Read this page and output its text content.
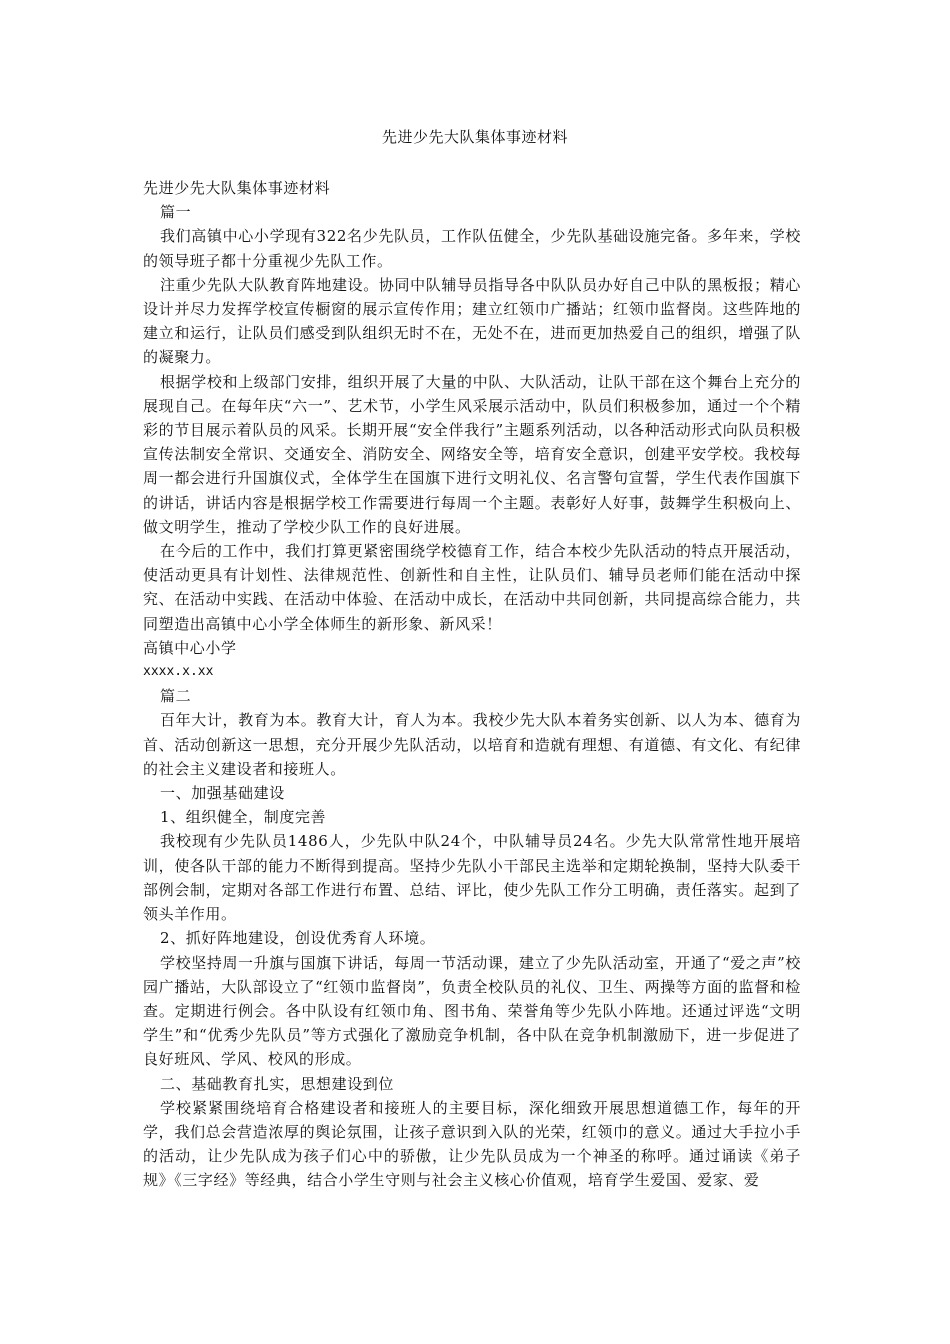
先进少先大队集体事迹材料

先进少先大队集体事迹材料

篇一

我们高镇中心小学现有322名少先队员，工作队伍健全，少先队基础设施完备。多年来，学校的领导班子都十分重视少先队工作。

注重少先队大队教育阵地建设。协同中队辅导员指导各中队队员办好自己中队的黑板报；精心设计并尽力发挥学校宣传橱窗的展示宣传作用；建立红领巾广播站；红领巾监督岗。这些阵地的建立和运行，让队员们感受到队组织无时不在，无处不在，进而更加热爱自己的组织，增强了队的凝聚力。

根据学校和上级部门安排，组织开展了大量的中队、大队活动，让队干部在这个舞台上充分的展现自己。在每年庆“六一”、艺术节，小学生风采展示活动中，队员们积极参加，通过一个个精彩的节目展示着队员的风采。长期开展“安全伴我行”主题系列活动，以各种活动形式向队员积极宣传法制安全常识、交通安全、消防安全、网络安全等，培育安全意识，创建平安学校。我校每周一都会进行升国旗仪式，全体学生在国旗下进行文明礼仪、名言警句宣誓，学生代表作国旗下的讲话，讲话内容是根据学校工作需要进行每周一个主题。表彰好人好事，鼓舞学生积极向上、做文明学生，推动了学校少队工作的良好进展。

在今后的工作中，我们打算更紧密围绕学校德育工作，结合本校少先队活动的特点开展活动，使活动更具有计划性、法律规范性、创新性和自主性，让队员们、辅导员老师们能在活动中探究、在活动中实践、在活动中体验、在活动中成长，在活动中共同创新，共同提高综合能力，共同塑造出高镇中心小学全体师生的新形象、新风采！

高镇中心小学

xxxx.x.xx

篇二

百年大计，教育为本。教育大计，育人为本。我校少先大队本着务实创新、以人为本、德育为首、活动创新这一思想，充分开展少先队活动，以培育和造就有理想、有道德、有文化、有纪律的社会主义建设者和接班人。

一、加强基础建设

1、组织健全，制度完善

我校现有少先队员1486人，少先队中队24个，中队辅导员24名。少先大队常常性地开展培训，使各队干部的能力不断得到提高。坚持少先队小干部民主选举和定期轮换制，坚持大队委干部例会制，定期对各部工作进行布置、总结、评比，使少先队工作分工明确，责任落实。起到了领头羊作用。

2、抓好阵地建设，创设优秀育人环境。

学校坚持周一升旗与国旗下讲话，每周一节活动课，建立了少先队活动室，开通了“爱之声”校园广播站，大队部设立了“红领巾监督岗”，负责全校队员的礼仪、卫生、两操等方面的监督和检查。定期进行例会。各中队设有红领巾角、图书角、荣誉角等少先队小阵地。还通过评选“文明学生”和“优秀少先队员”等方式强化了激励竞争机制，各中队在竞争机制激励下，进一步促进了良好班风、学风、校风的形成。

二、基础教育扎实，思想建设到位

学校紧紧围绕培育合格建设者和接班人的主要目标，深化细致开展思想道德工作，每年的开学，我们总会营造浓厚的舆论氛围，让孩子意识到入队的光荣，红领巾的意义。通过大手拉小手的活动，让少先队成为孩子们心中的骄傲，让少先队员成为一个神圣的称呼。通过诵读《弟子规》《三字经》等经典，结合小学生守则与社会主义核心价值观，培育学生爱国、爱家、爱
